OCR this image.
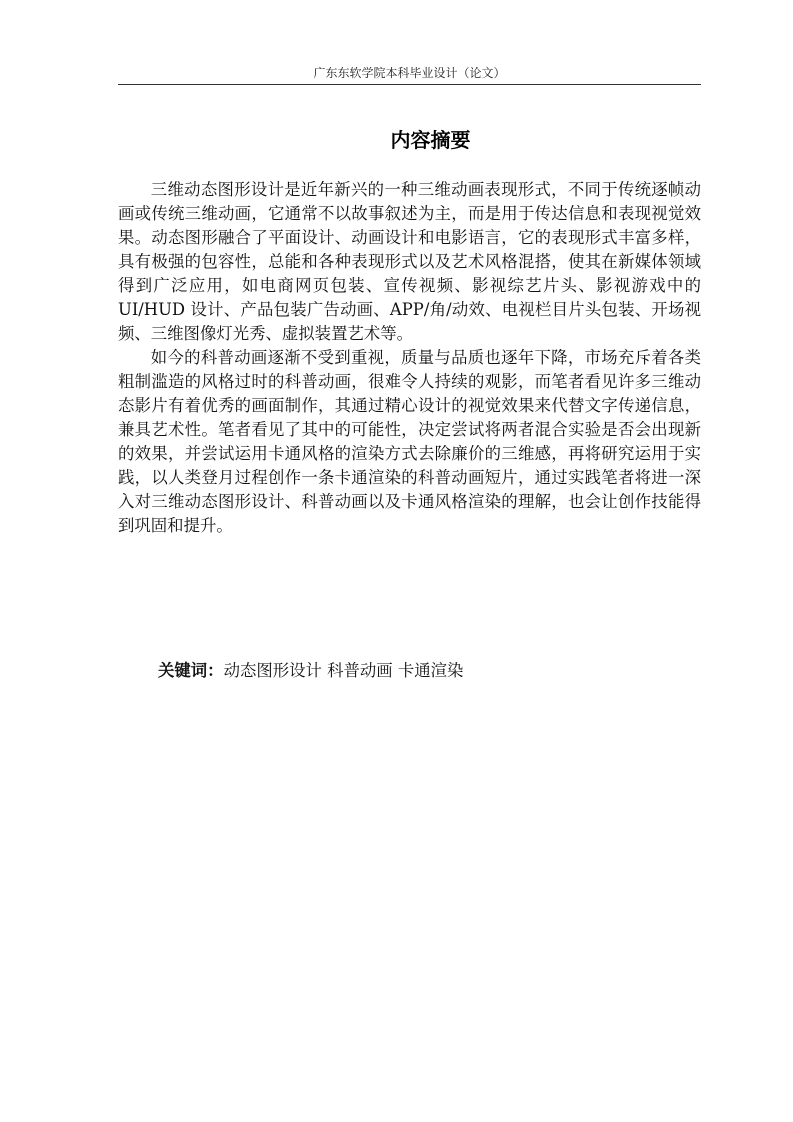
广东东软学院本科毕业设计（论文）
内容摘要

三维动态图形设计是近年新兴的一种三维动画表现形式，不同于传统逐帧动画或传统三维动画，它通常不以故事叙述为主，而是用于传达信息和表现视觉效果。动态图形融合了平面设计、动画设计和电影语言，它的表现形式丰富多样，具有极强的包容性，总能和各种表现形式以及艺术风格混搭，使其在新媒体领域得到广泛应用，如电商网页包装、宣传视频、影视综艺片头、影视游戏中的 UI/HUD 设计、产品包装广告动画、APP/角/动效、电视栏目片头包装、开场视频、三维图像灯光秀、虚拟装置艺术等。

如今的科普动画逐渐不受到重视，质量与品质也逐年下降，市场充斥着各类粗制滥造的风格过时的科普动画，很难令人持续的观影，而笔者看见许多三维动态影片有着优秀的画面制作，其通过精心设计的视觉效果来代替文字传递信息，兼具艺术性。笔者看见了其中的可能性，决定尝试将两者混合实验是否会出现新的效果，并尝试运用卡通风格的渲染方式去除廉价的三维感，再将研究运用于实践，以人类登月过程创作一条卡通渲染的科普动画短片，通过实践笔者将进一深入对三维动态图形设计、科普动画以及卡通风格渲染的理解，也会让创作技能得到巩固和提升。

关键词：动态图形设计 科普动画 卡通渲染
